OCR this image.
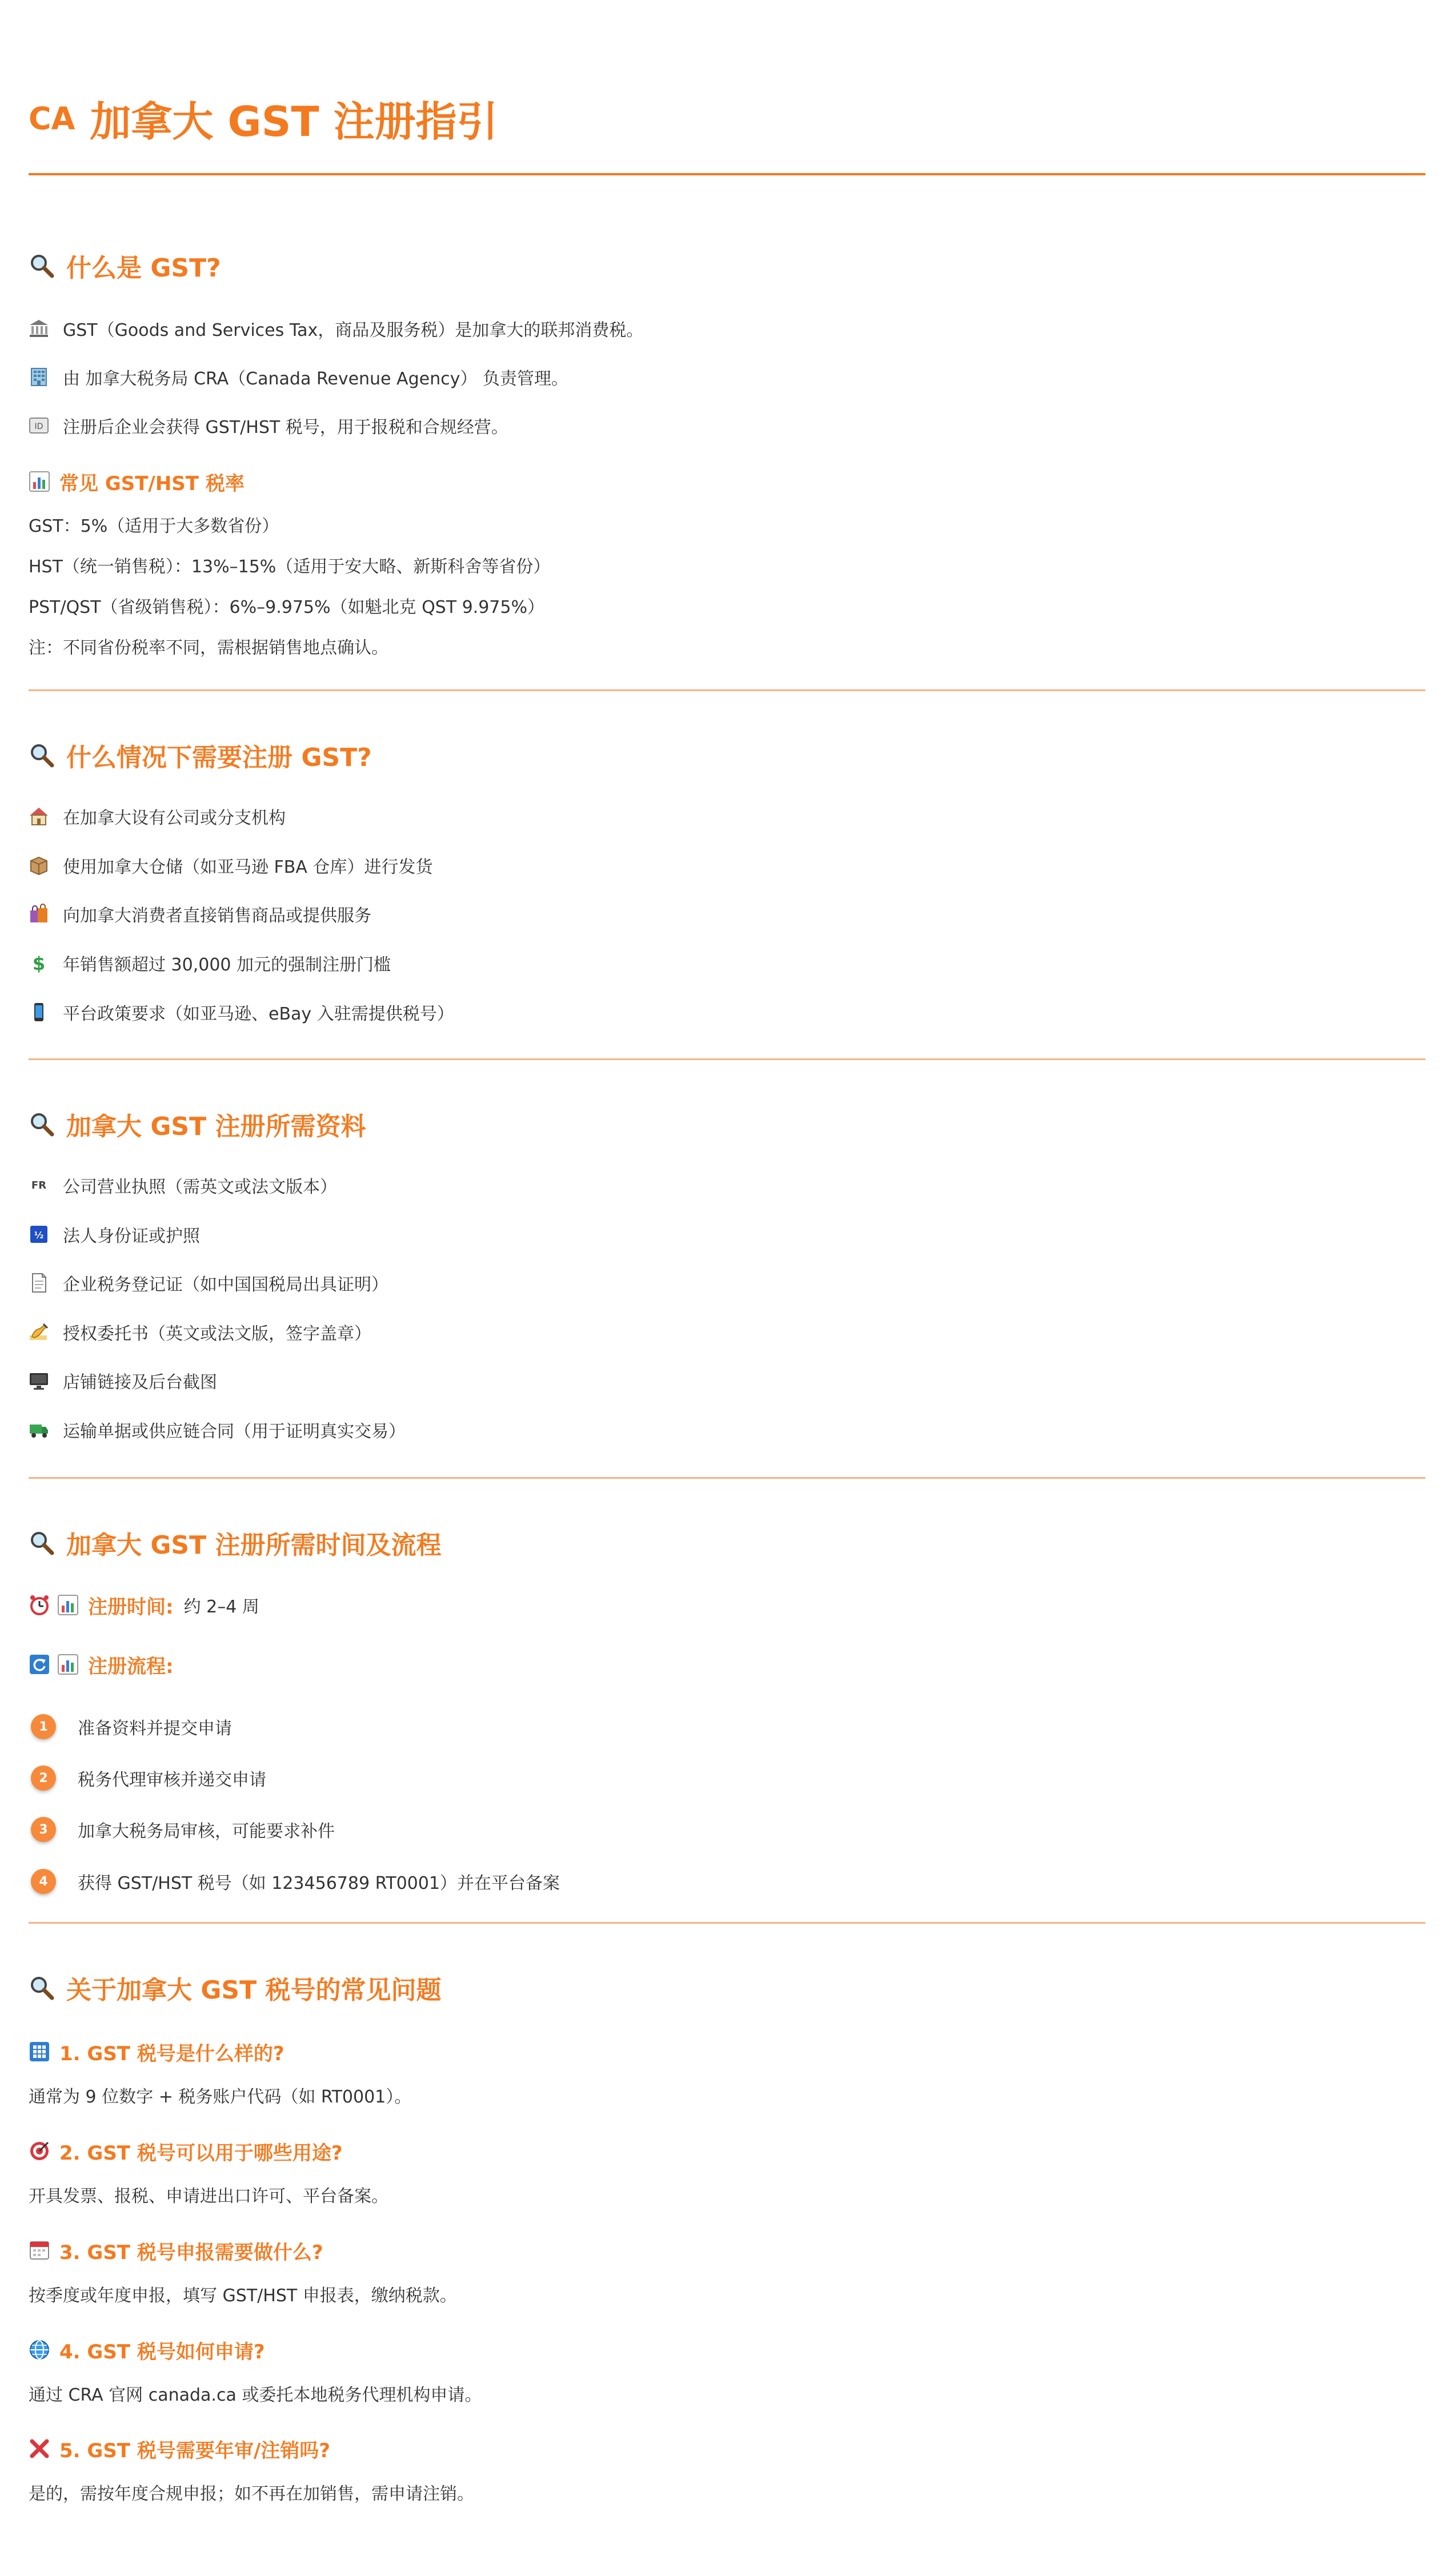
CA 加拿大 GST 注册指引
什么是 GST?
GST（Goods and Services Tax，商品及服务税）是加拿大的联邦消费税。
由 加拿大税务局 CRA（Canada Revenue Agency） 负责管理。
ID 注册后企业会获得 GST/HST 税号，用于报税和合规经营。
常见 GST/HST 税率
GST：5%（适用于大多数省份）
HST（统一销售税）：13%–15%（适用于安大略、新斯科舍等省份）
PST/QST（省级销售税）：6%–9.975%（如魁北克 QST 9.975%）
注：不同省份税率不同，需根据销售地点确认。
什么情况下需要注册 GST?
在加拿大设有公司或分支机构
使用加拿大仓储（如亚马逊 FBA 仓库）进行发货
向加拿大消费者直接销售商品或提供服务
$ 年销售额超过 30,000 加元的强制注册门槛
平台政策要求（如亚马逊、eBay 入驻需提供税号）
加拿大 GST 注册所需资料
FR 公司营业执照（需英文或法文版本）
½ 法人身份证或护照
企业税务登记证（如中国国税局出具证明）
授权委托书（英文或法文版，签字盖章）
店铺链接及后台截图
运输单据或供应链合同（用于证明真实交易）
加拿大 GST 注册所需时间及流程
注册时间: 约 2–4 周
注册流程:
1	准备资料并提交申请
2	税务代理审核并递交申请
3	加拿大税务局审核，可能要求补件
4	获得 GST/HST 税号（如 123456789 RT0001）并在平台备案
关于加拿大 GST 税号的常见问题
1. GST 税号是什么样的?
通常为 9 位数字 + 税务账户代码（如 RT0001）。
2. GST 税号可以用于哪些用途?
开具发票、报税、申请进出口许可、平台备案。
3. GST 税号申报需要做什么?
按季度或年度申报，填写 GST/HST 申报表，缴纳税款。
4. GST 税号如何申请?
通过 CRA 官网 canada.ca 或委托本地税务代理机构申请。
5. GST 税号需要年审/注销吗?
是的，需按年度合规申报；如不再在加销售，需申请注销。
